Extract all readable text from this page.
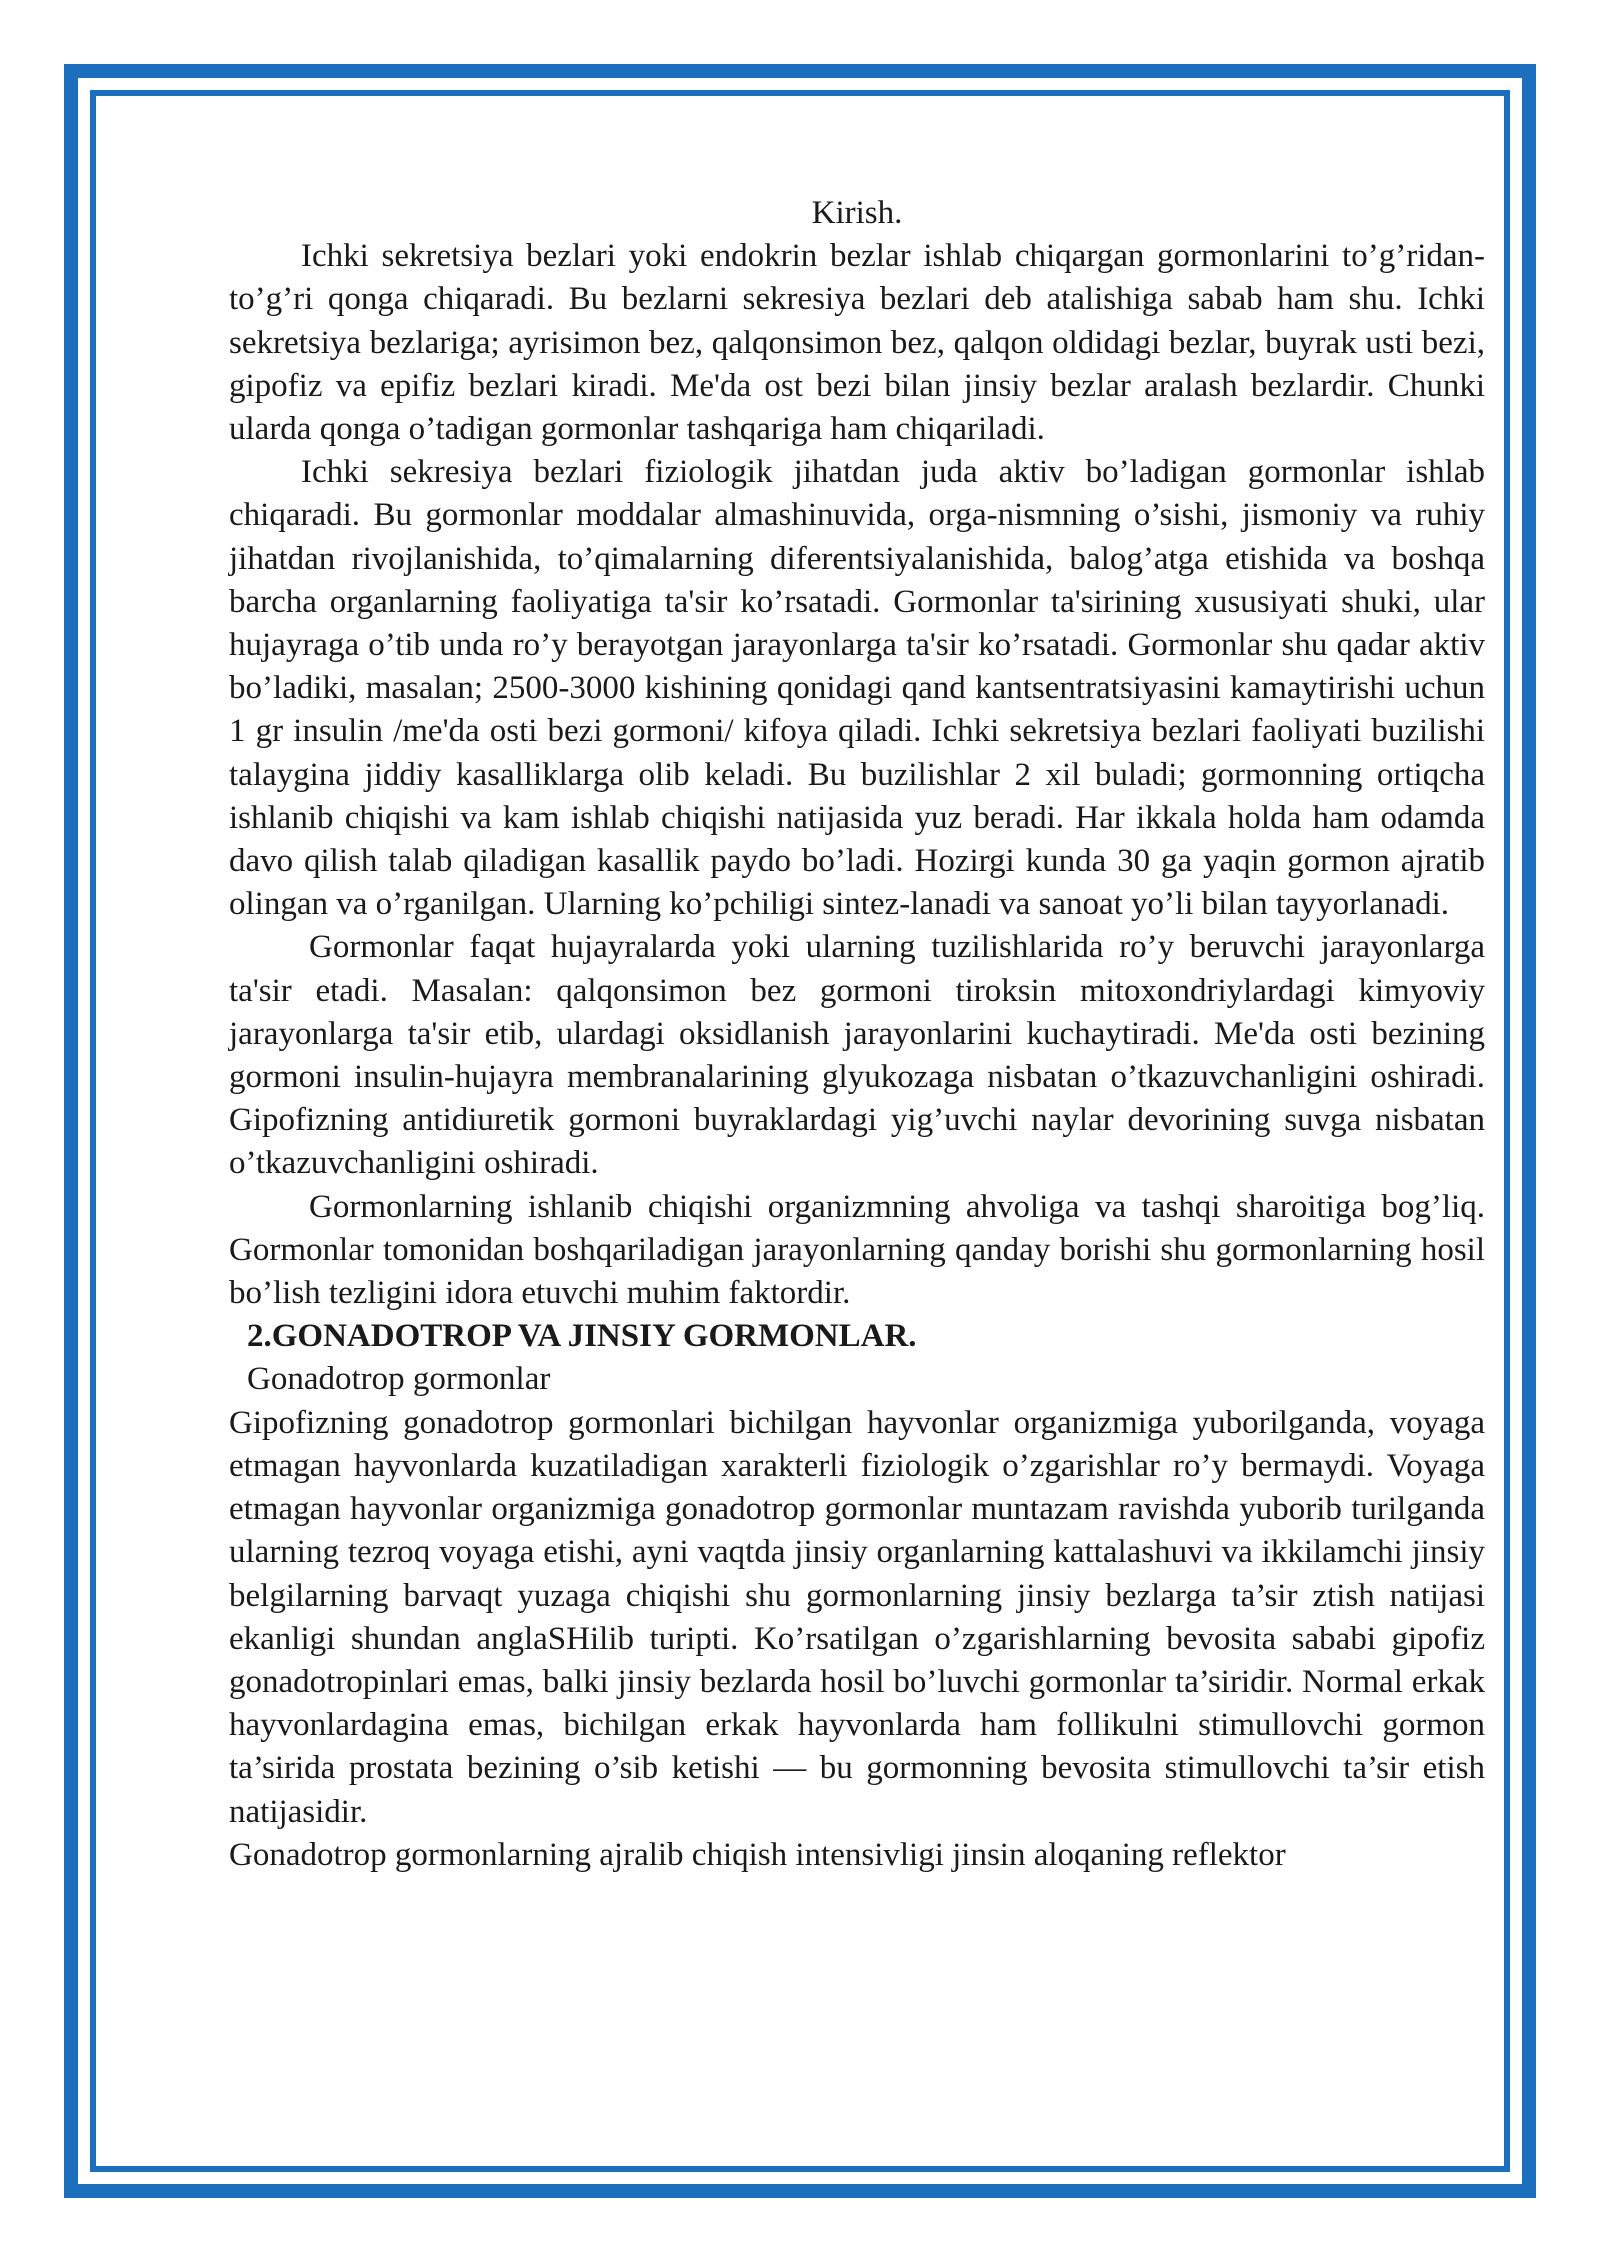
Kirish.

Ichki sekretsiya bezlari yoki endokrin bezlar ishlab chiqargan gormonlarini to’g’ridan-to’g’ri qonga chiqaradi. Bu bezlarni sekresiya bezlari deb atalishiga sabab ham shu. Ichki sekretsiya bezlariga; ayrisimon bez, qalqonsimon bez, qalqon oldidagi bezlar, buyrak usti bezi, gipofiz va epifiz bezlari kiradi. Me'da ost bezi bilan jinsiy bezlar aralash bezlardir. Chunki ularda qonga o’tadigan gormonlar tashqariga ham chiqariladi.

Ichki sekresiya bezlari fiziologik jihatdan juda aktiv bo’ladigan gormonlar ishlab chiqaradi. Bu gormonlar moddalar almashinuvida, orga-nismning o’sishi, jismoniy va ruhiy jihatdan rivojlanishida, to’qimalarning diferentsiyalanishida, balog’atga etishida va boshqa barcha organlarning faoliyatiga ta'sir ko’rsatadi. Gormonlar ta'sirining xususiyati shuki, ular hujayraga o’tib unda ro’y berayotgan jarayonlarga ta'sir ko’rsatadi. Gormonlar shu qadar aktiv bo’ladiki, masalan; 2500-3000 kishining qonidagi qand kantsentratsiyasini kamaytirishi uchun 1 gr insulin /me'da osti bezi gormoni/ kifoya qiladi. Ichki sekretsiya bezlari faoliyati buzilishi talaygina jiddiy kasalliklarga olib keladi. Bu buzilishlar 2 xil buladi; gormonning ortiqcha ishlanib chiqishi va kam ishlab chiqishi natijasida yuz beradi. Har ikkala holda ham odamda davo qilish talab qiladigan kasallik paydo bo’ladi. Hozirgi kunda 30 ga yaqin gormon ajratib olingan va o’rganilgan. Ularning ko’pchiligi sintez-lanadi va sanoat yo’li bilan tayyorlanadi.

Gormonlar faqat hujayralarda yoki ularning tuzilishlarida ro’y beruvchi jarayonlarga ta'sir etadi. Masalan: qalqonsimon bez gormoni tiroksin mitoxondriylardagi kimyoviy jarayonlarga ta'sir etib, ulardagi oksidlanish jarayonlarini kuchaytiradi. Me'da osti bezining gormoni insulin-hujayra membranalarining glyukozaga nisbatan o’tkazuvchanligini oshiradi. Gipofizning antidiuretik gormoni buyraklardagi yig’uvchi naylar devorining suvga nisbatan o’tkazuvchanligini oshiradi.

Gormonlarning ishlanib chiqishi organizmning ahvoliga va tashqi sharoitiga bog’liq. Gormonlar tomonidan boshqariladigan jarayonlarning qanday borishi shu gormonlarning hosil bo’lish tezligini idora etuvchi muhim faktordir.

2.GONADOTROP VA JINSIY GORMONLAR.

Gonadotrop gormonlar

Gipofizning gonadotrop gormonlari bichilgan hayvonlar organizmiga yuborilganda, voyaga etmagan hayvonlarda kuzatiladigan xarakterli fiziologik o’zgarishlar ro’y bermaydi. Voyaga etmagan hayvonlar organizmiga gonadotrop gormonlar muntazam ravishda yuborib turilganda ularning tezroq voyaga etishi, ayni vaqtda jinsiy organlarning kattalashuvi va ikkilamchi jinsiy belgilarning barvaqt yuzaga chiqishi shu gormonlarning jinsiy bezlarga ta’sir ztish natijasi ekanligi shundan anglaSHilib turipti. Ko’rsatilgan o’zgarishlarning bevosita sababi gipofiz gonadotropinlari emas, balki jinsiy bezlarda hosil bo’luvchi gormonlar ta’siridir. Normal erkak hayvonlardagina emas, bichilgan erkak hayvonlarda ham follikulni stimullovchi gormon ta’sirida prostata bezining o’sib ketishi — bu gormonning bevosita stimullovchi ta’sir etish natijasidir.

Gonadotrop gormonlarning ajralib chiqish intensivligi jinsin aloqaning reflektor
